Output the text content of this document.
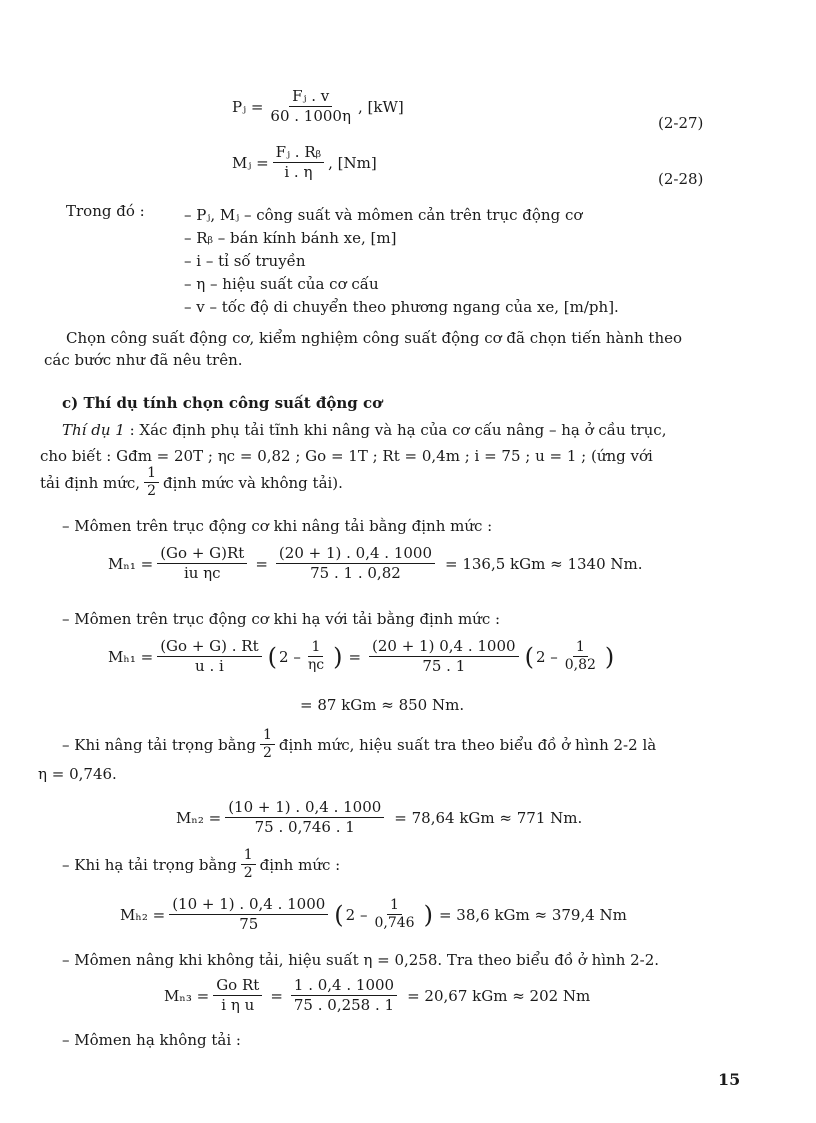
Pⱼ = $\frac{\text{Fⱼ . v}}{60 . 1000\eta}$ , [kW]
(2-27)
Mⱼ = $\frac{\text{Fⱼ . Rᵦ}}{i . \eta}$ , [Nm]
(2-28)
Trong đó :	– Pⱼ, Mⱼ – công suất và mômen cản trên trục động cơ
– Rᵦ – bán kính bánh xe, [m]
– i – tỉ số truyền
– η – hiệu suất của cơ cấu
– v – tốc độ di chuyển theo phương ngang của xe, [m/ph].
Chọn công suất động cơ, kiểm nghiệm công suất động cơ đã chọn tiến hành theo
các bước như đã nêu trên.
c) Thí dụ tính chọn công suất động cơ
Thí dụ 1 : Xác định phụ tải tĩnh khi nâng và hạ của cơ cấu nâng – hạ ở cầu trục,
cho biết : Gđm = 20T ; ηc = 0,82 ; Go = 1T ; Rt = 0,4m ; i = 75 ; u = 1 ; (ứng với
tải định mức, $\frac{1}{2}$ định mức và không tải).
– Mômen trên trục động cơ khi nâng tải bằng định mức :
$M_{n1} = \frac{(Go + G)Rt}{\text{iu ηc}} = \frac{(20 + 1) . 0,4 . 1000}{75 . 1 . 0,82} = 136,5$ kGm ≈ 1340 Nm.
– Mômen trên trục động cơ khi hạ với tải bằng định mức :
$M_{h1} = \frac{(Go + G) . Rt}{u . i}$ ( $2 - \frac{1}{\eta c}$ ) = $\frac{(20 + 1) 0,4 . 1000}{75 . 1}$ ( $2 - \frac{1}{0,82}$ )
= 87 kGm ≈ 850 Nm.
– Khi nâng tải trọng bằng $\frac{1}{2}$ định mức, hiệu suất tra theo biểu đồ ở hình 2-2 là
η = 0,746.
$M_{n2} = \frac{(10 + 1) . 0,4 . 1000}{75 . 0,746 . 1} = 78,64$ kGm ≈ 771 Nm.
– Khi hạ tải trọng bằng $\frac{1}{2}$ định mức :
$M_{h2} = \frac{(10 + 1) . 0,4 . 1000}{75}$ ( $2 - \frac{1}{0,746}$ ) = 38,6 kGm ≈ 379,4 Nm
– Mômen nâng khi không tải, hiệu suất η = 0,258. Tra theo biểu đồ ở hình 2-2.
$M_{n3} = \frac{\text{Go Rt}}{\text{i η u}} = \frac{1 . 0,4 . 1000}{75 . 0,258 . 1} = 20,67$ kGm ≈ 202 Nm
– Mômen hạ không tải :
15
